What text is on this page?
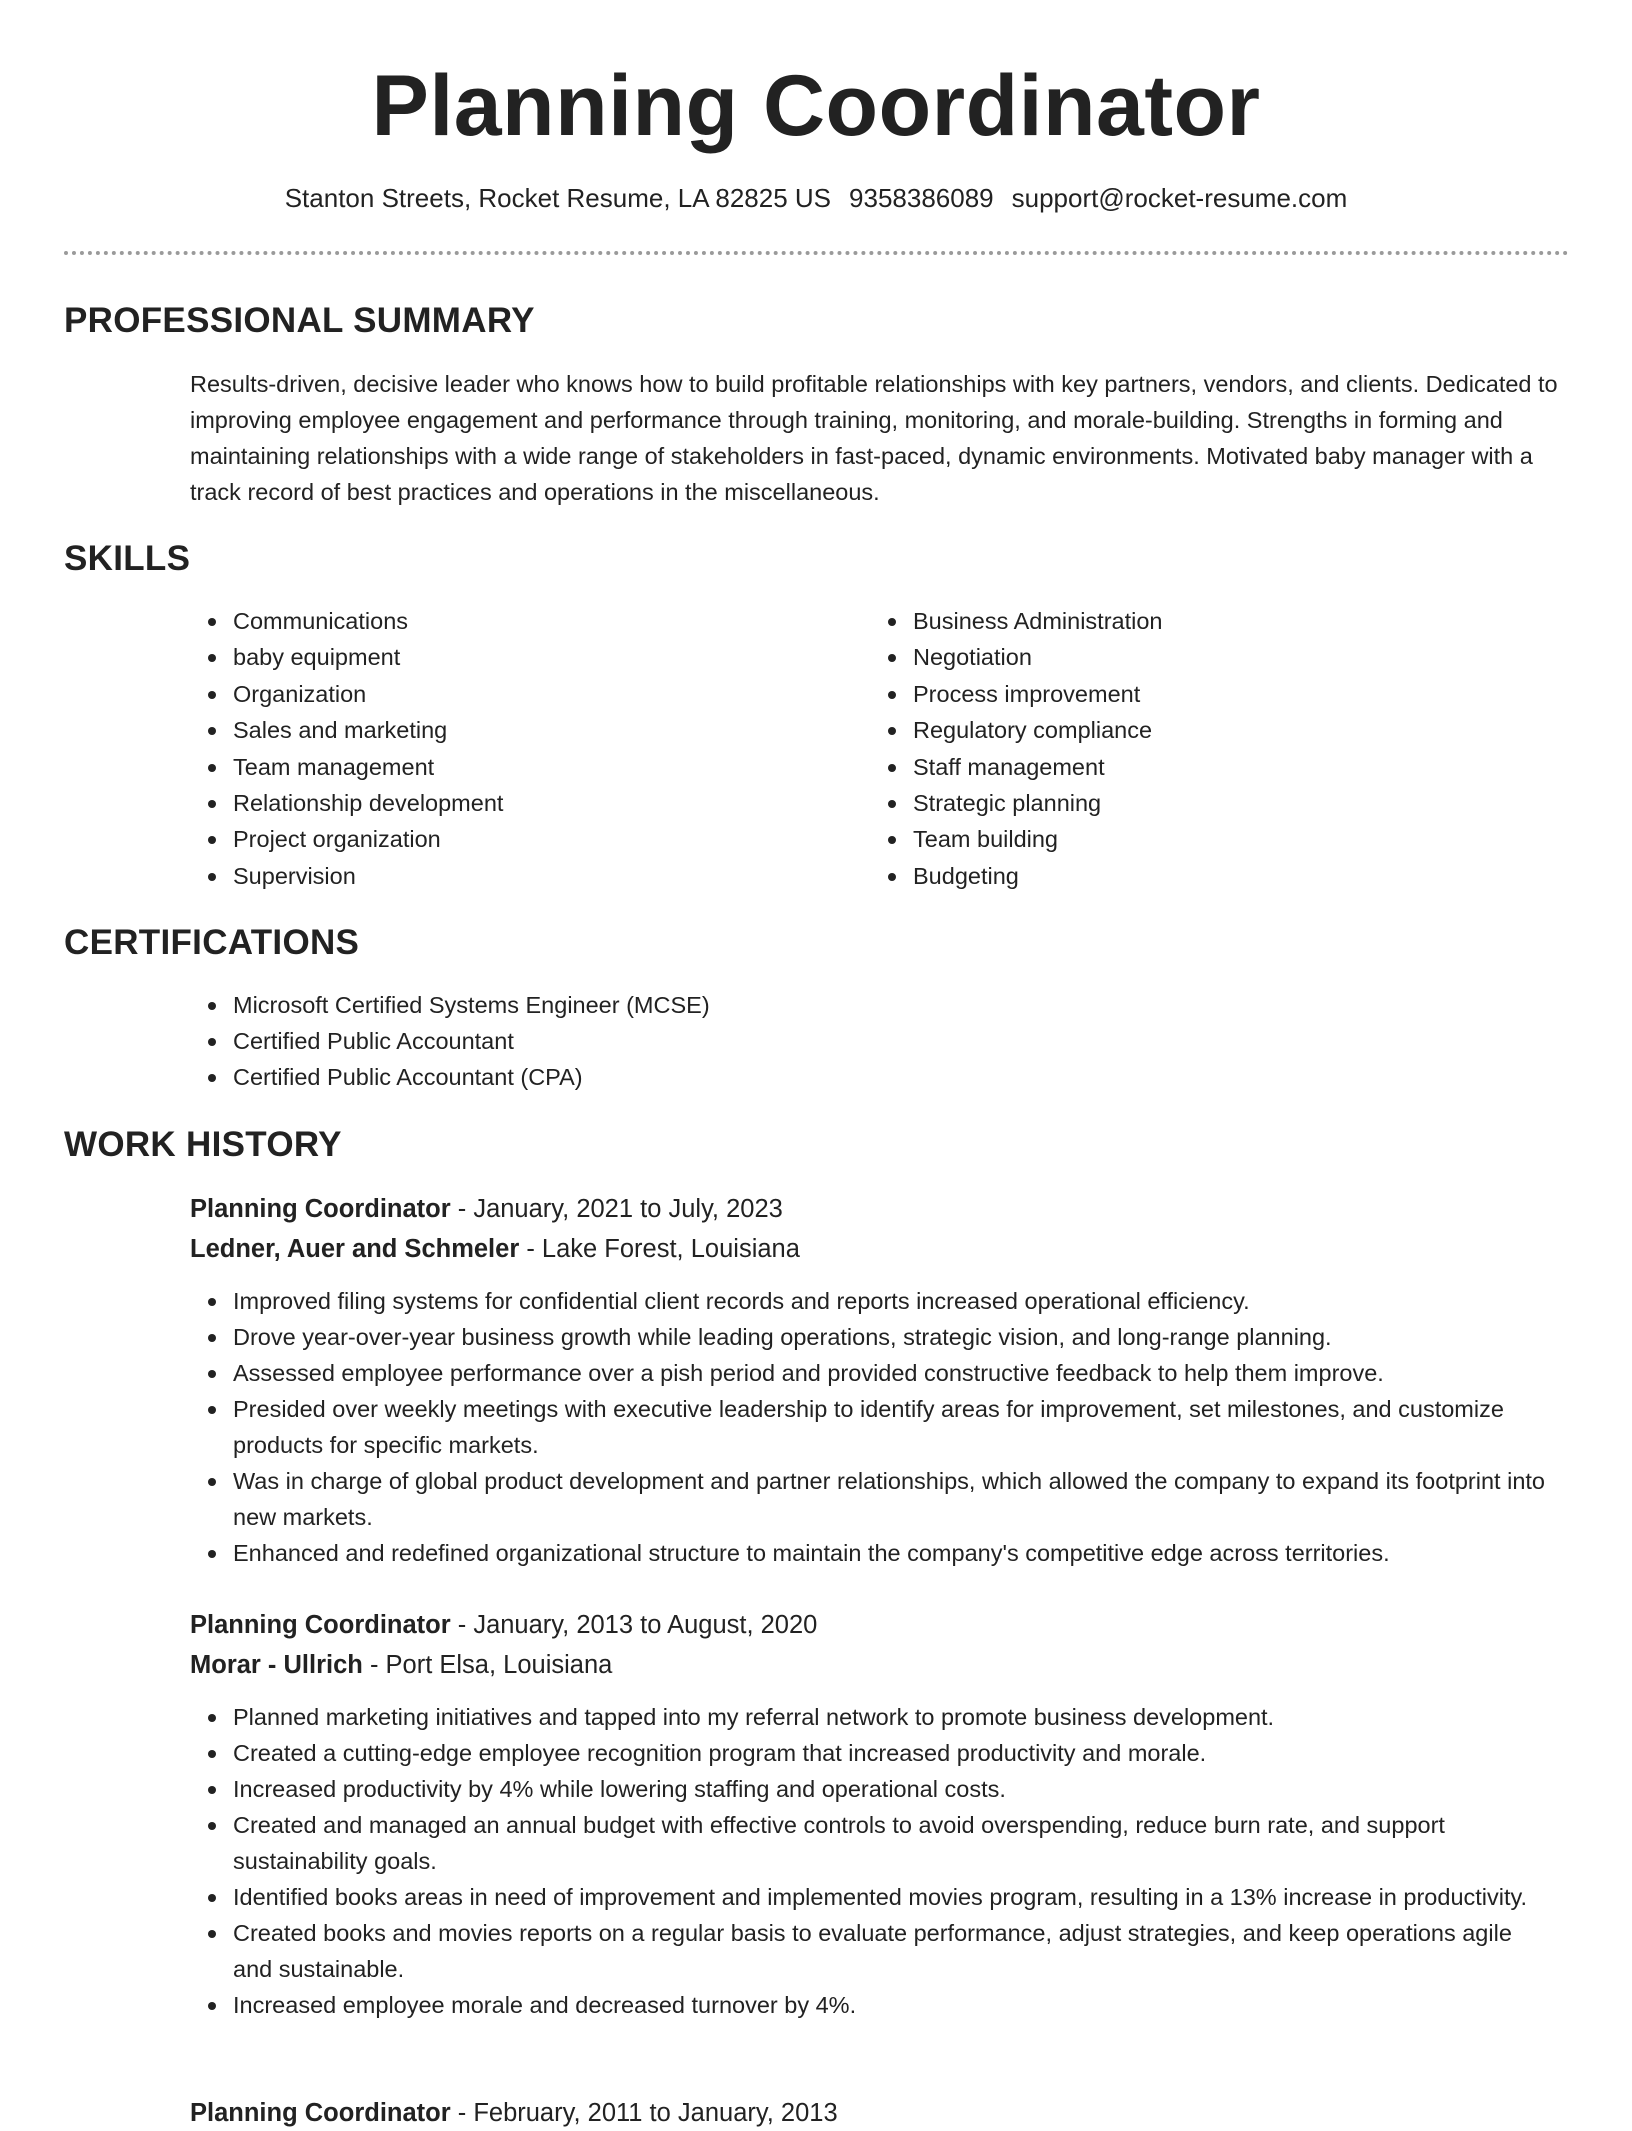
Planning Coordinator
Stanton Streets, Rocket Resume, LA 82825 US 9358386089 support@rocket-resume.com
PROFESSIONAL SUMMARY
Results-driven, decisive leader who knows how to build profitable relationships with key partners, vendors, and clients. Dedicated to improving employee engagement and performance through training, monitoring, and morale-building. Strengths in forming and maintaining relationships with a wide range of stakeholders in fast-paced, dynamic environments. Motivated baby manager with a track record of best practices and operations in the miscellaneous.
SKILLS
Communications
baby equipment
Organization
Sales and marketing
Team management
Relationship development
Project organization
Supervision
Business Administration
Negotiation
Process improvement
Regulatory compliance
Staff management
Strategic planning
Team building
Budgeting
CERTIFICATIONS
Microsoft Certified Systems Engineer (MCSE)
Certified Public Accountant
Certified Public Accountant (CPA)
WORK HISTORY
Planning Coordinator - January, 2021 to July, 2023
Ledner, Auer and Schmeler - Lake Forest, Louisiana
Improved filing systems for confidential client records and reports increased operational efficiency.
Drove year-over-year business growth while leading operations, strategic vision, and long-range planning.
Assessed employee performance over a pish period and provided constructive feedback to help them improve.
Presided over weekly meetings with executive leadership to identify areas for improvement, set milestones, and customize products for specific markets.
Was in charge of global product development and partner relationships, which allowed the company to expand its footprint into new markets.
Enhanced and redefined organizational structure to maintain the company's competitive edge across territories.
Planning Coordinator - January, 2013 to August, 2020
Morar - Ullrich - Port Elsa, Louisiana
Planned marketing initiatives and tapped into my referral network to promote business development.
Created a cutting-edge employee recognition program that increased productivity and morale.
Increased productivity by 4% while lowering staffing and operational costs.
Created and managed an annual budget with effective controls to avoid overspending, reduce burn rate, and support sustainability goals.
Identified books areas in need of improvement and implemented movies program, resulting in a 13% increase in productivity.
Created books and movies reports on a regular basis to evaluate performance, adjust strategies, and keep operations agile and sustainable.
Increased employee morale and decreased turnover by 4%.
Planning Coordinator - February, 2011 to January, 2013
